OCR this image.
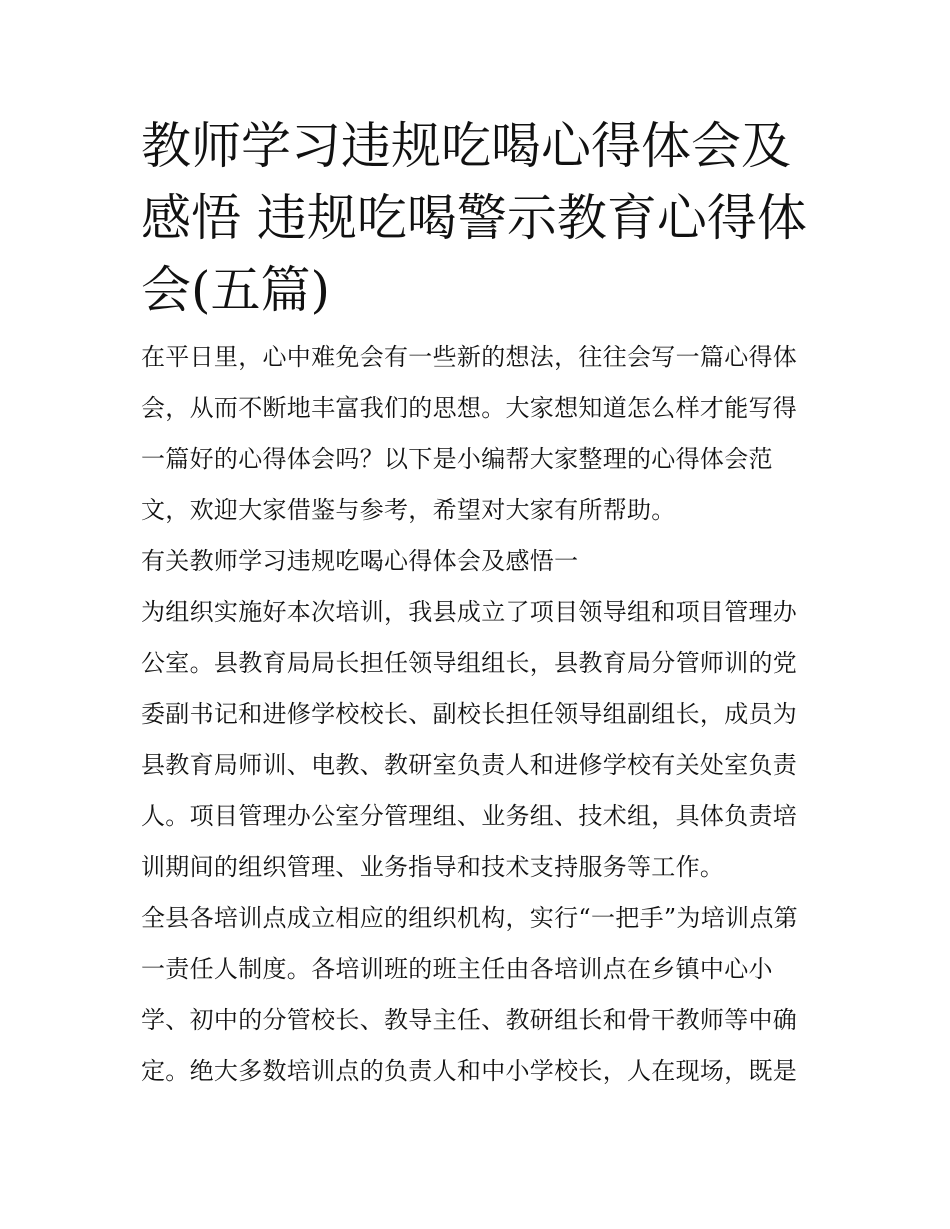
教师学习违规吃喝心得体会及
感悟 违规吃喝警示教育心得体
会(五篇)

在平日里，心中难免会有一些新的想法，往往会写一篇心得体
会，从而不断地丰富我们的思想。大家想知道怎么样才能写得
一篇好的心得体会吗？以下是小编帮大家整理的心得体会范
文，欢迎大家借鉴与参考，希望对大家有所帮助。

有关教师学习违规吃喝心得体会及感悟一

为组织实施好本次培训，我县成立了项目领导组和项目管理办
公室。县教育局局长担任领导组组长，县教育局分管师训的党
委副书记和进修学校校长、副校长担任领导组副组长，成员为
县教育局师训、电教、教研室负责人和进修学校有关处室负责
人。项目管理办公室分管理组、业务组、技术组，具体负责培
训期间的组织管理、业务指导和技术支持服务等工作。

全县各培训点成立相应的组织机构，实行“一把手”为培训点第
一责任人制度。各培训班的班主任由各培训点在乡镇中心小
学、初中的分管校长、教导主任、教研组长和骨干教师等中确
定。绝大多数培训点的负责人和中小学校长，人在现场，既是
